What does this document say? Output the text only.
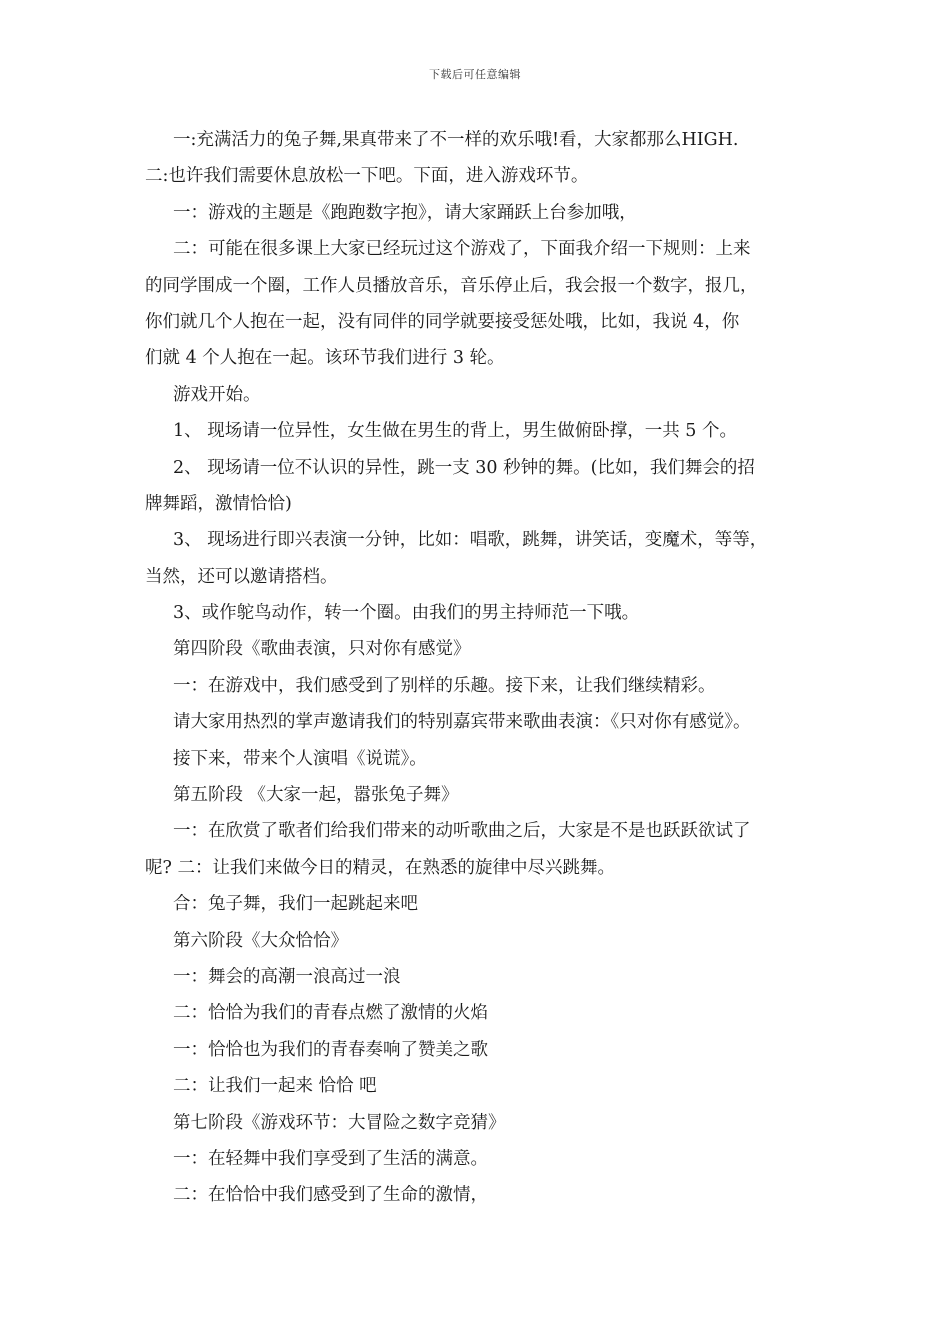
下载后可任意编辑
一:充满活力的兔子舞,果真带来了不一样的欢乐哦!看，大家都那么HIGH.
二:也许我们需要休息放松一下吧。下面，进入游戏环节。
一：游戏的主题是《跑跑数字抱》，请大家踊跃上台参加哦，
二：可能在很多课上大家已经玩过这个游戏了，下面我介绍一下规则：上来
的同学围成一个圈，工作人员播放音乐，音乐停止后，我会报一个数字，报几，
你们就几个人抱在一起，没有同伴的同学就要接受惩处哦，比如，我说 4，你
们就 4 个人抱在一起。该环节我们进行 3 轮。
游戏开始。
1、 现场请一位异性，女生做在男生的背上，男生做俯卧撑，一共 5 个。
2、 现场请一位不认识的异性，跳一支 30 秒钟的舞。(比如，我们舞会的招
牌舞蹈，激情恰恰)
3、 现场进行即兴表演一分钟，比如：唱歌，跳舞，讲笑话，变魔术，等等，
当然，还可以邀请搭档。
3、或作鸵鸟动作，转一个圈。由我们的男主持师范一下哦。
第四阶段《歌曲表演，只对你有感觉》
一：在游戏中，我们感受到了别样的乐趣。接下来，让我们继续精彩。
请大家用热烈的掌声邀请我们的特别嘉宾带来歌曲表演：《只对你有感觉》。
接下来，带来个人演唱《说谎》。
第五阶段 《大家一起，嚣张兔子舞》
一：在欣赏了歌者们给我们带来的动听歌曲之后，大家是不是也跃跃欲试了
呢? 二：让我们来做今日的精灵，在熟悉的旋律中尽兴跳舞。
合：兔子舞，我们一起跳起来吧
第六阶段《大众恰恰》
一：舞会的高潮一浪高过一浪
二：恰恰为我们的青春点燃了激情的火焰
一：恰恰也为我们的青春奏响了赞美之歌
二：让我们一起来 恰恰 吧
第七阶段《游戏环节：大冒险之数字竞猜》
一：在轻舞中我们享受到了生活的满意。
二：在恰恰中我们感受到了生命的激情，
